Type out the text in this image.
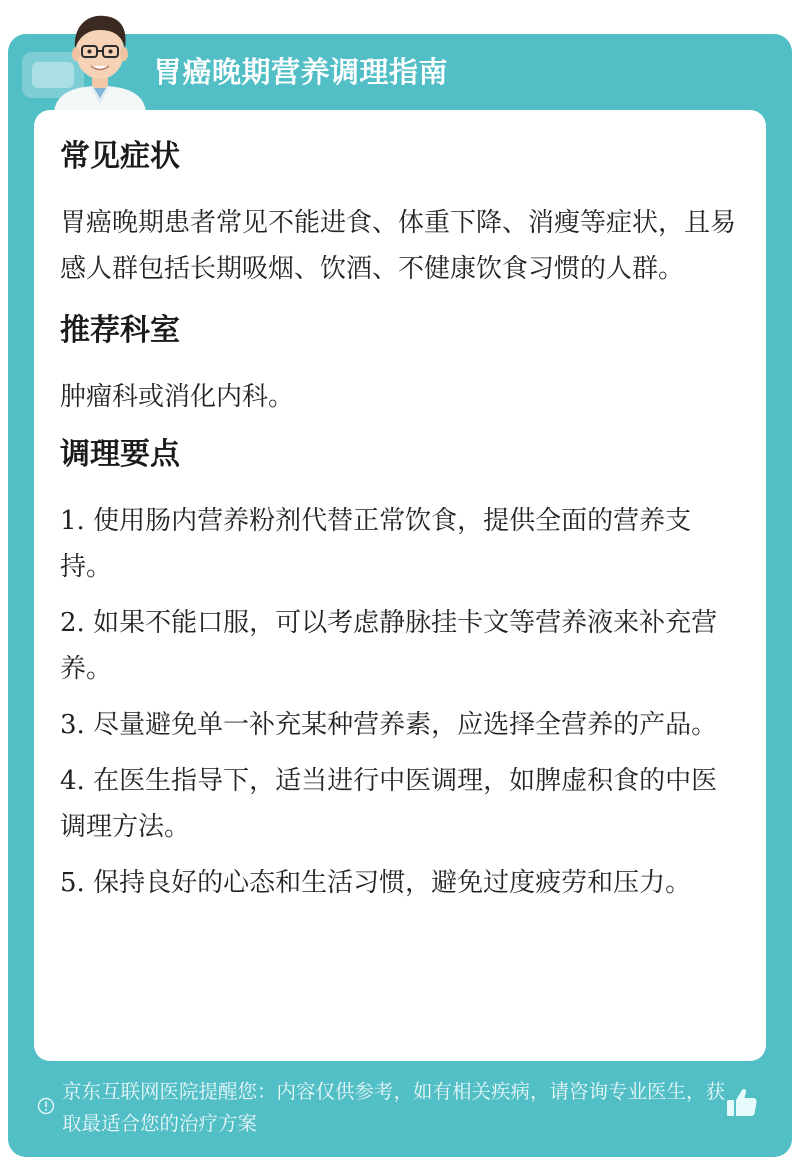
胃癌晚期营养调理指南
常见症状
胃癌晚期患者常见不能进食、体重下降、消瘦等症状，且易感人群包括长期吸烟、饮酒、不健康饮食习惯的人群。
推荐科室
肿瘤科或消化内科。
调理要点
1. 使用肠内营养粉剂代替正常饮食，提供全面的营养支持。
2. 如果不能口服，可以考虑静脉挂卡文等营养液来补充营养。
3. 尽量避免单一补充某种营养素，应选择全营养的产品。
4. 在医生指导下，适当进行中医调理，如脾虚积食的中医调理方法。
5. 保持良好的心态和生活习惯，避免过度疲劳和压力。
京东互联网医院提醒您：内容仅供参考，如有相关疾病，请咨询专业医生，获取最适合您的治疗方案
